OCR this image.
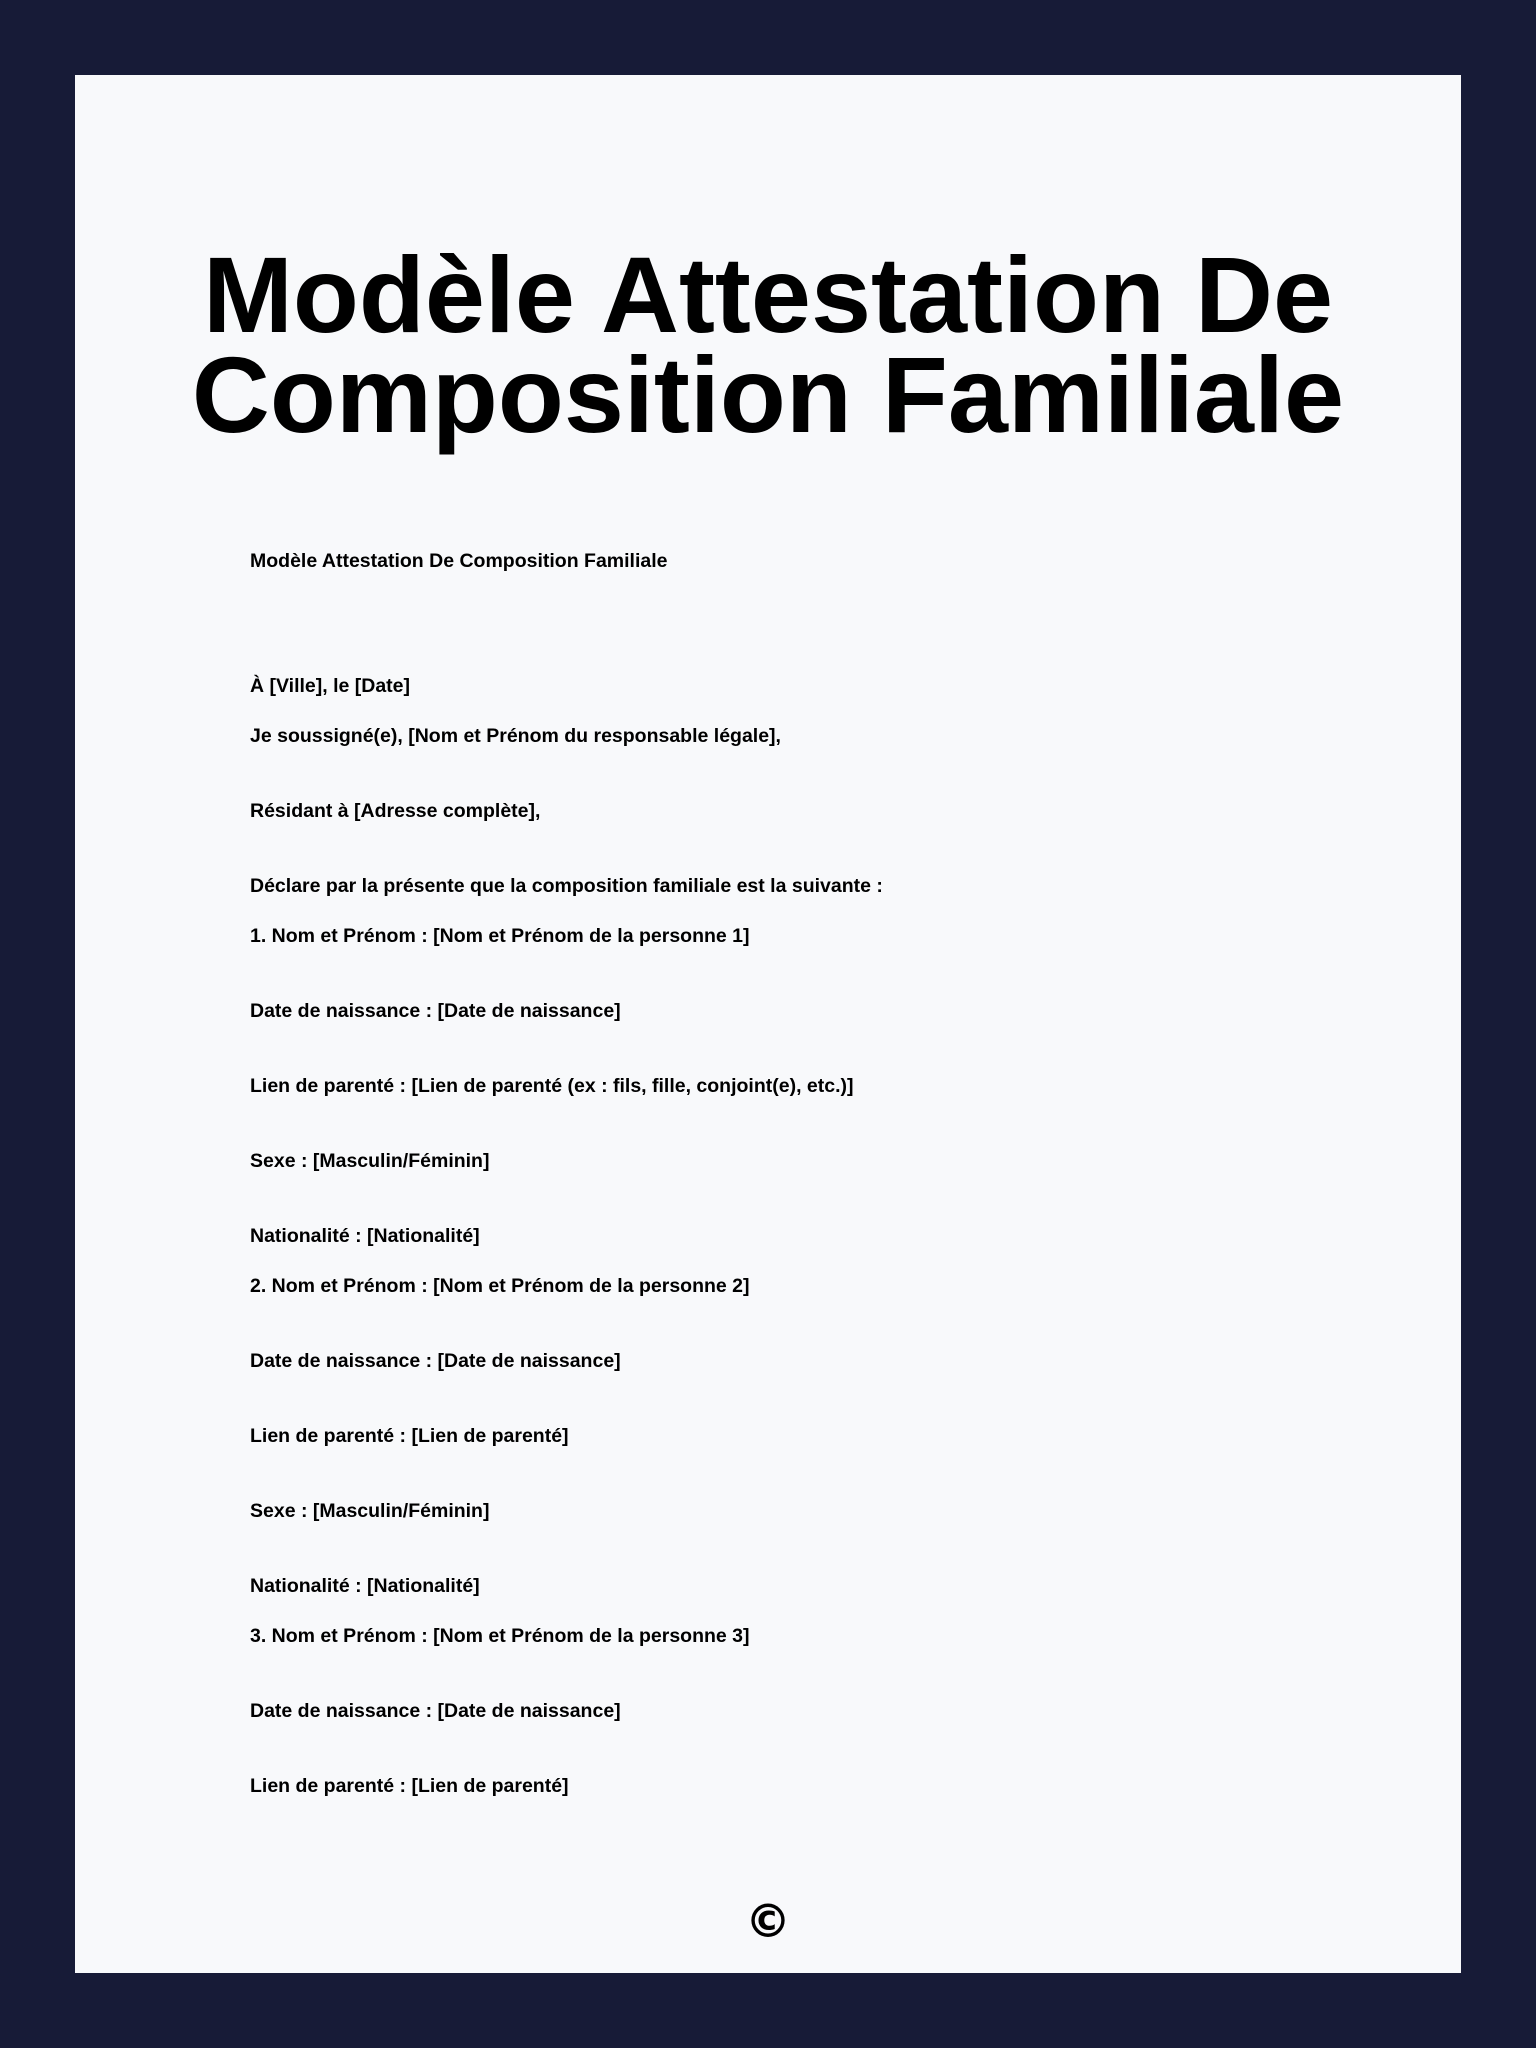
Modèle Attestation De Composition Familiale
Modèle Attestation De Composition Familiale
À [Ville], le [Date]
Je soussigné(e), [Nom et Prénom du responsable légale],
Résidant à [Adresse complète],
Déclare par la présente que la composition familiale est la suivante :
1. Nom et Prénom : [Nom et Prénom de la personne 1]
Date de naissance : [Date de naissance]
Lien de parenté : [Lien de parenté (ex : fils, fille, conjoint(e), etc.)]
Sexe : [Masculin/Féminin]
Nationalité : [Nationalité]
2. Nom et Prénom : [Nom et Prénom de la personne 2]
Date de naissance : [Date de naissance]
Lien de parenté : [Lien de parenté]
Sexe : [Masculin/Féminin]
Nationalité : [Nationalité]
3. Nom et Prénom : [Nom et Prénom de la personne 3]
Date de naissance : [Date de naissance]
Lien de parenté : [Lien de parenté]
©
